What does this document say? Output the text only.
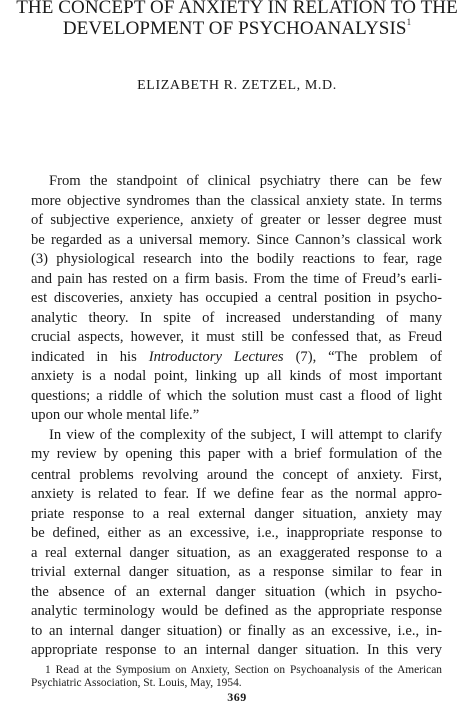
THE CONCEPT OF ANXIETY IN RELATION TO THE
DEVELOPMENT OF PSYCHOANALYSIS$^1$
ELIZABETH R. ZETZEL, M.D.
From the standpoint of clinical psychiatry there can be few
more objective syndromes than the classical anxiety state. In terms
of subjective experience, anxiety of greater or lesser degree must
be regarded as a universal memory. Since Cannon’s classical work
(3) physiological research into the bodily reactions to fear, rage
and pain has rested on a firm basis. From the time of Freud’s earli-
est discoveries, anxiety has occupied a central position in psycho-
analytic theory. In spite of increased understanding of many
crucial aspects, however, it must still be confessed that, as Freud
indicated in his Introductory Lectures (7), “The problem of
anxiety is a nodal point, linking up all kinds of most important
questions; a riddle of which the solution must cast a flood of light
upon our whole mental life.”
In view of the complexity of the subject, I will attempt to clarify
my review by opening this paper with a brief formulation of the
central problems revolving around the concept of anxiety. First,
anxiety is related to fear. If we define fear as the normal appro-
priate response to a real external danger situation, anxiety may
be defined, either as an excessive, i.e., inappropriate response to
a real external danger situation, as an exaggerated response to a
trivial external danger situation, as a response similar to fear in
the absence of an external danger situation (which in psycho-
analytic terminology would be defined as the appropriate response
to an internal danger situation) or finally as an excessive, i.e., in-
appropriate response to an internal danger situation. In this very
1 Read at the Symposium on Anxiety, Section on Psychoanalysis of the American
Psychiatric Association, St. Louis, May, 1954.
369
